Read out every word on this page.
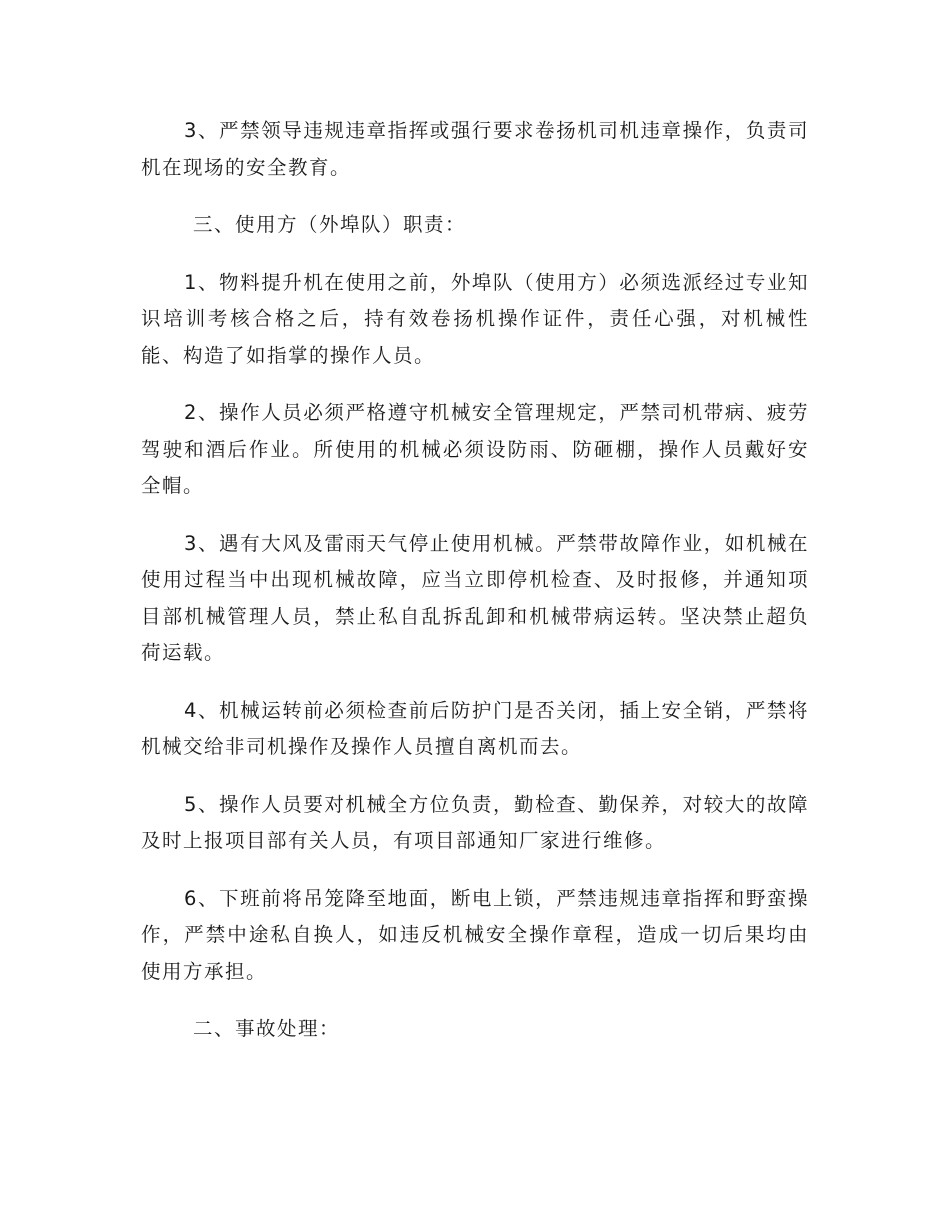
3、严禁领导违规违章指挥或强行要求卷扬机司机违章操作，负责司机在现场的安全教育。

三、使用方（外埠队）职责：

1、物料提升机在使用之前，外埠队（使用方）必须选派经过专业知识培训考核合格之后，持有效卷扬机操作证件，责任心强，对机械性能、构造了如指掌的操作人员。

2、操作人员必须严格遵守机械安全管理规定，严禁司机带病、疲劳驾驶和酒后作业。所使用的机械必须设防雨、防砸棚，操作人员戴好安全帽。

3、遇有大风及雷雨天气停止使用机械。严禁带故障作业，如机械在使用过程当中出现机械故障，应当立即停机检查、及时报修，并通知项目部机械管理人员，禁止私自乱拆乱卸和机械带病运转。坚决禁止超负荷运载。

4、机械运转前必须检查前后防护门是否关闭，插上安全销，严禁将机械交给非司机操作及操作人员擅自离机而去。

5、操作人员要对机械全方位负责，勤检查、勤保养，对较大的故障及时上报项目部有关人员，有项目部通知厂家进行维修。

6、下班前将吊笼降至地面，断电上锁，严禁违规违章指挥和野蛮操作，严禁中途私自换人，如违反机械安全操作章程，造成一切后果均由使用方承担。

二、事故处理：
